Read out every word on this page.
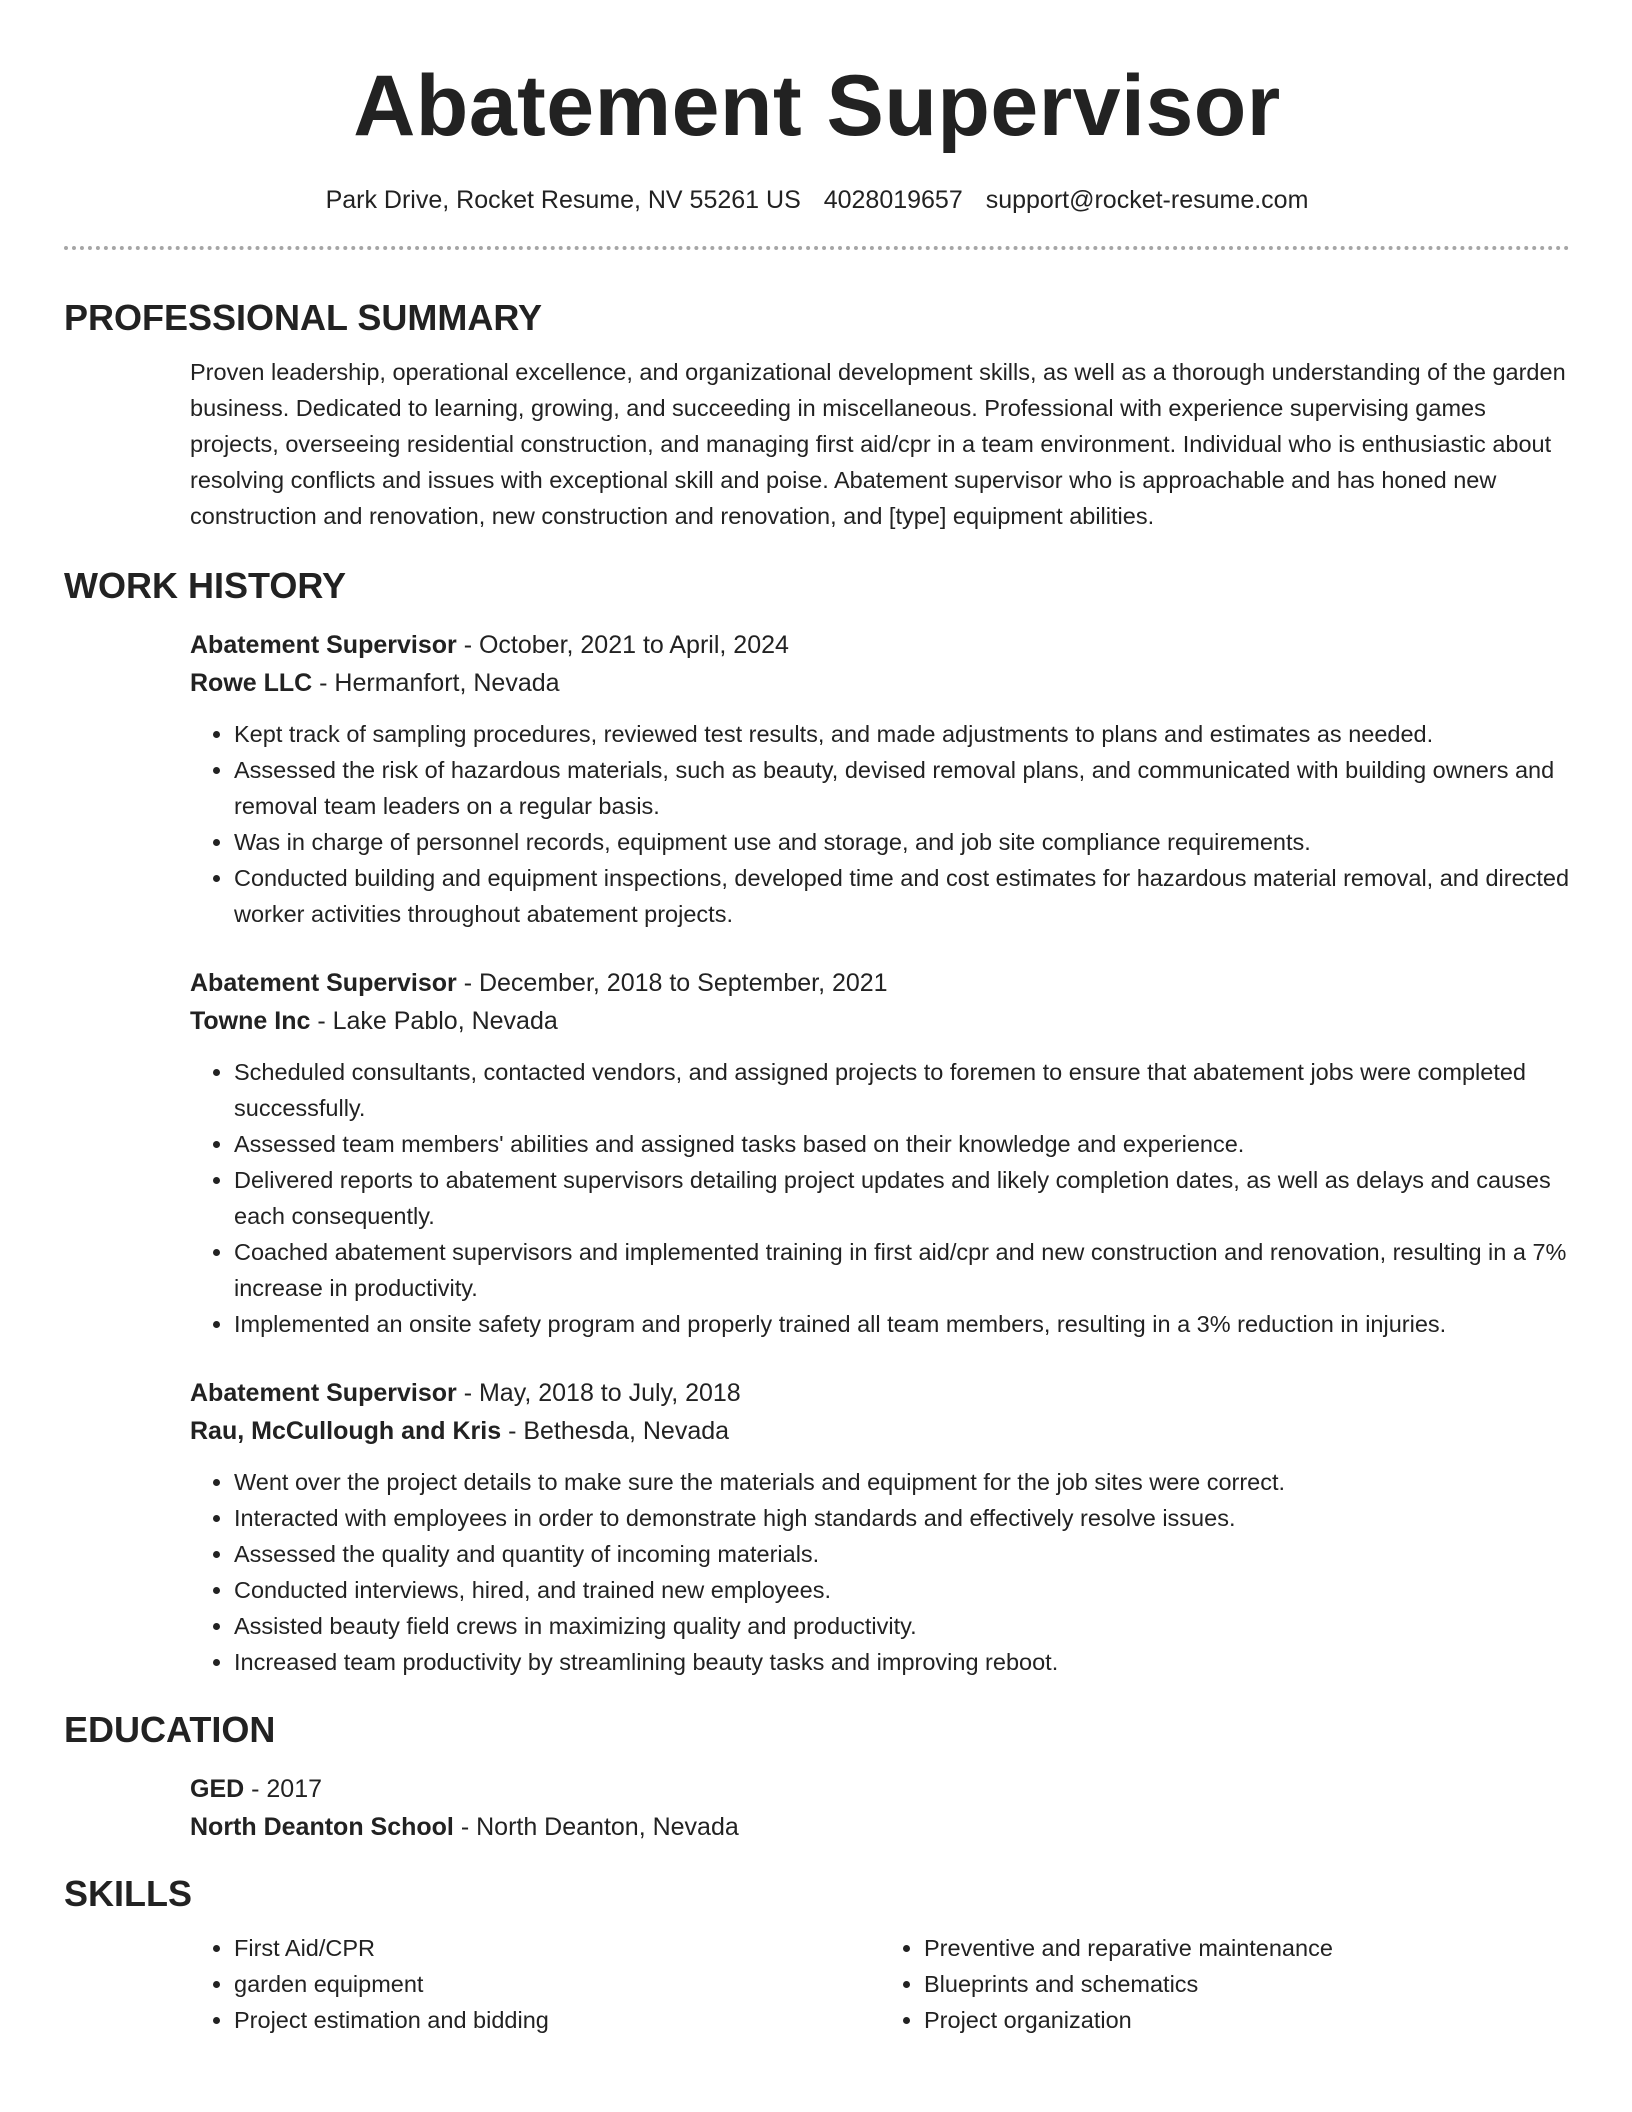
Abatement Supervisor
Park Drive, Rocket Resume, NV 55261 US 4028019657 support@rocket-resume.com
PROFESSIONAL SUMMARY

Proven leadership, operational excellence, and organizational development skills, as well as a thorough understanding of the garden business. Dedicated to learning, growing, and succeeding in miscellaneous. Professional with experience supervising games projects, overseeing residential construction, and managing first aid/cpr in a team environment. Individual who is enthusiastic about resolving conflicts and issues with exceptional skill and poise. Abatement supervisor who is approachable and has honed new construction and renovation, new construction and renovation, and [type] equipment abilities.

WORK HISTORY
Abatement Supervisor - October, 2021 to April, 2024
Rowe LLC - Hermanfort, Nevada
• Kept track of sampling procedures, reviewed test results, and made adjustments to plans and estimates as needed.
• Assessed the risk of hazardous materials, such as beauty, devised removal plans, and communicated with building owners and removal team leaders on a regular basis.
• Was in charge of personnel records, equipment use and storage, and job site compliance requirements.
• Conducted building and equipment inspections, developed time and cost estimates for hazardous material removal, and directed worker activities throughout abatement projects.
Abatement Supervisor - December, 2018 to September, 2021
Towne Inc - Lake Pablo, Nevada
• Scheduled consultants, contacted vendors, and assigned projects to foremen to ensure that abatement jobs were completed successfully.
• Assessed team members' abilities and assigned tasks based on their knowledge and experience.
• Delivered reports to abatement supervisors detailing project updates and likely completion dates, as well as delays and causes each consequently.
• Coached abatement supervisors and implemented training in first aid/cpr and new construction and renovation, resulting in a 7% increase in productivity.
• Implemented an onsite safety program and properly trained all team members, resulting in a 3% reduction in injuries.
Abatement Supervisor - May, 2018 to July, 2018
Rau, McCullough and Kris - Bethesda, Nevada
• Went over the project details to make sure the materials and equipment for the job sites were correct.
• Interacted with employees in order to demonstrate high standards and effectively resolve issues.
• Assessed the quality and quantity of incoming materials.
• Conducted interviews, hired, and trained new employees.
• Assisted beauty field crews in maximizing quality and productivity.
• Increased team productivity by streamlining beauty tasks and improving reboot.
EDUCATION
GED - 2017
North Deanton School - North Deanton, Nevada
SKILLS
• First Aid/CPR
• garden equipment
• Project estimation and bidding
• Preventive and reparative maintenance
• Blueprints and schematics
• Project organization
